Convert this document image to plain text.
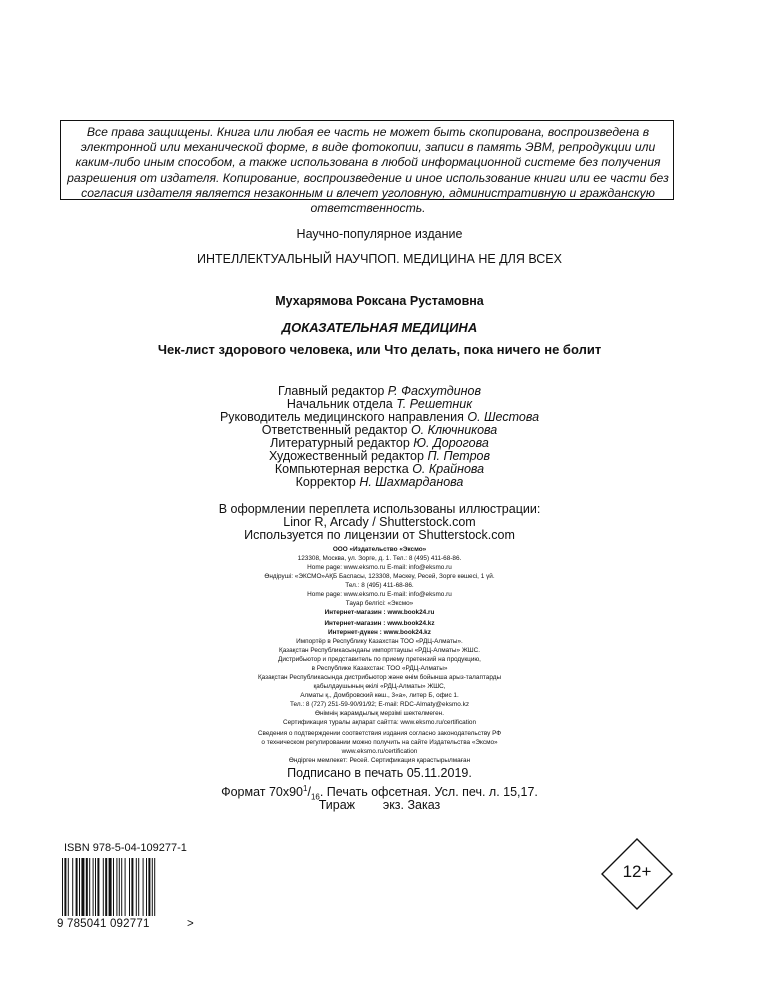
Все права защищены. Книга или любая ее часть не может быть скопирована, воспроизведена в электронной или механической форме, в виде фотокопии, записи в память ЭВМ, репродукции или каким-либо иным способом, а также использована в любой информационной системе без получения разрешения от издателя. Копирование, воспроизведение и иное использование книги или ее части без согласия издателя является незаконным и влечет уголовную, административную и гражданскую ответственность.
Научно-популярное издание
ИНТЕЛЛЕКТУАЛЬНЫЙ НАУЧПОП. МЕДИЦИНА НЕ ДЛЯ ВСЕХ
Мухарямова Роксана Рустамовна
ДОКАЗАТЕЛЬНАЯ МЕДИЦИНА
Чек-лист здорового человека, или Что делать, пока ничего не болит
Главный редактор Р. Фасхутдинов
Начальник отдела Т. Решетник
Руководитель медицинского направления О. Шестова
Ответственный редактор О. Ключникова
Литературный редактор Ю. Дорогова
Художественный редактор П. Петров
Компьютерная верстка О. Крайнова
Корректор Н. Шахмарданова
В оформлении переплета использованы иллюстрации:
Linor R, Arcady / Shutterstock.com
Используется по лицензии от Shutterstock.com
ООО «Издательство «Эксмо»
123308, Москва, ул. Зорге, д. 1. Тел.: 8 (495) 411-68-86.
Home page: www.eksmo.ru E-mail: info@eksmo.ru
Өндіруші: «ЭКСМО»АҚБ Баспасы, 123308, Мәскеу, Ресей, Зорге көшесі, 1 үй.
Тел.: 8 (495) 411-68-86.
Home page: www.eksmo.ru E-mail: info@eksmo.ru
Тауар белгісі: «Эксмо»
Интернет-магазин : www.book24.ru
Интернет-магазин : www.book24.kz
Интернет-дүкен : www.book24.kz
Импортёр в Республику Казахстан ТОО «РДЦ-Алматы».
Қазақстан Республикасындағы импорттаушы «РДЦ-Алматы» ЖШС.
Дистрибьютор и представитель по приему претензий на продукцию,
в Республике Казахстан: ТОО «РДЦ-Алматы»
Қазақстан Республикасында дистрибьютор және өнім бойынша арыз-талаптарды
қабылдаушының өкілі «РДЦ-Алматы» ЖШС,
Алматы қ., Домбровский көш., 3«а», литер Б, офис 1.
Тел.: 8 (727) 251-59-90/91/92; E-mail: RDC-Almaty@eksmo.kz
Өнімнің жарамдылық мерзімі шектелмеген.
Сертификация туралы ақпарат сайтта: www.eksmo.ru/certification
Сведения о подтверждении соответствия издания согласно законодательству РФ
о техническом регулировании можно получить на сайте Издательства «Эксмо»
www.eksmo.ru/certification
Өндірген мемлекет: Ресей. Сертификация қарастырылмаған
Подписано в печать 05.11.2019.
Формат $70x90^1/_{16}$. Печать офсетная. Усл. печ. л. 15,17.
Тираж        экз. Заказ
ISBN 978-5-04-109277-1
9 785041 092771	>
12+
